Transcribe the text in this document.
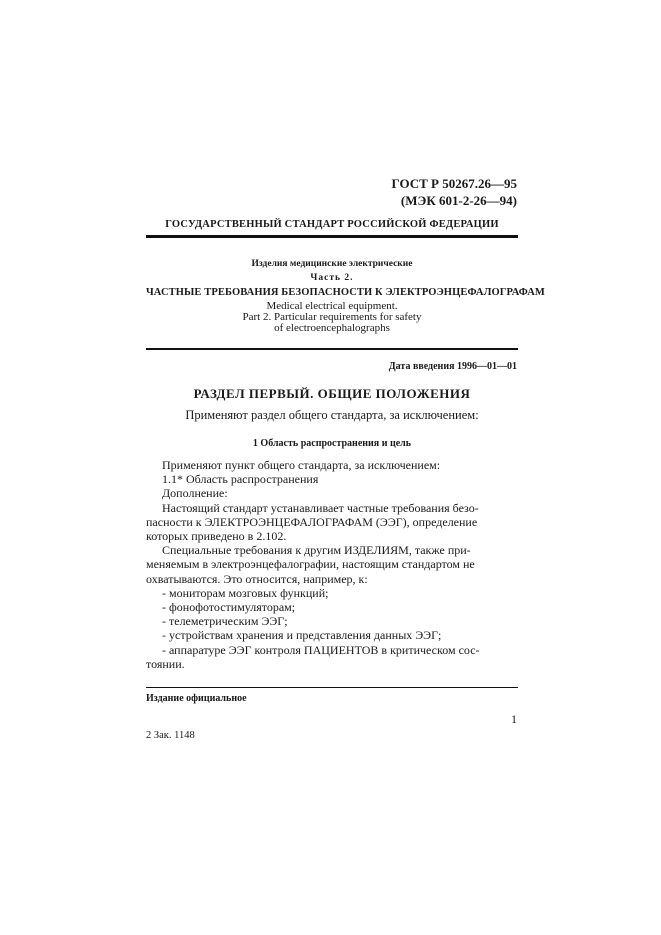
ГОСТ Р 50267.26—95
(МЭК 601-2-26—94)
ГОСУДАРСТВЕННЫЙ СТАНДАРТ РОССИЙСКОЙ ФЕДЕРАЦИИ
Изделия медицинские электрические
Часть 2.
ЧАСТНЫЕ ТРЕБОВАНИЯ БЕЗОПАСНОСТИ К ЭЛЕКТРОЭНЦЕФАЛОГРАФАМ
Medical electrical equipment.
Part 2. Particular requirements for safety
of electroencephalographs
Дата введения 1996—01—01
РАЗДЕЛ ПЕРВЫЙ. ОБЩИЕ ПОЛОЖЕНИЯ
Применяют раздел общего стандарта, за исключением:
1 Область распространения и цель

Применяют пункт общего стандарта, за исключением:

1.1* Область распространения

Дополнение:

Настоящий стандарт устанавливает частные требования безо-

пасности к ЭЛЕКТРОЭНЦЕФАЛОГРАФАМ (ЭЭГ), определение

которых приведено в 2.102.

Специальные требования к другим ИЗДЕЛИЯМ, также при-

меняемым в электроэнцефалографии, настоящим стандартом не

охватываются. Это относится, например, к:

- мониторам мозговых функций;

- фонофотостимуляторам;

- телеметрическим ЭЭГ;

- устройствам хранения и представления данных ЭЭГ;

- аппаратуре ЭЭГ контроля ПАЦИЕНТОВ в критическом сос-

тоянии.

Издание официальное
1
2 Зак. 1148
